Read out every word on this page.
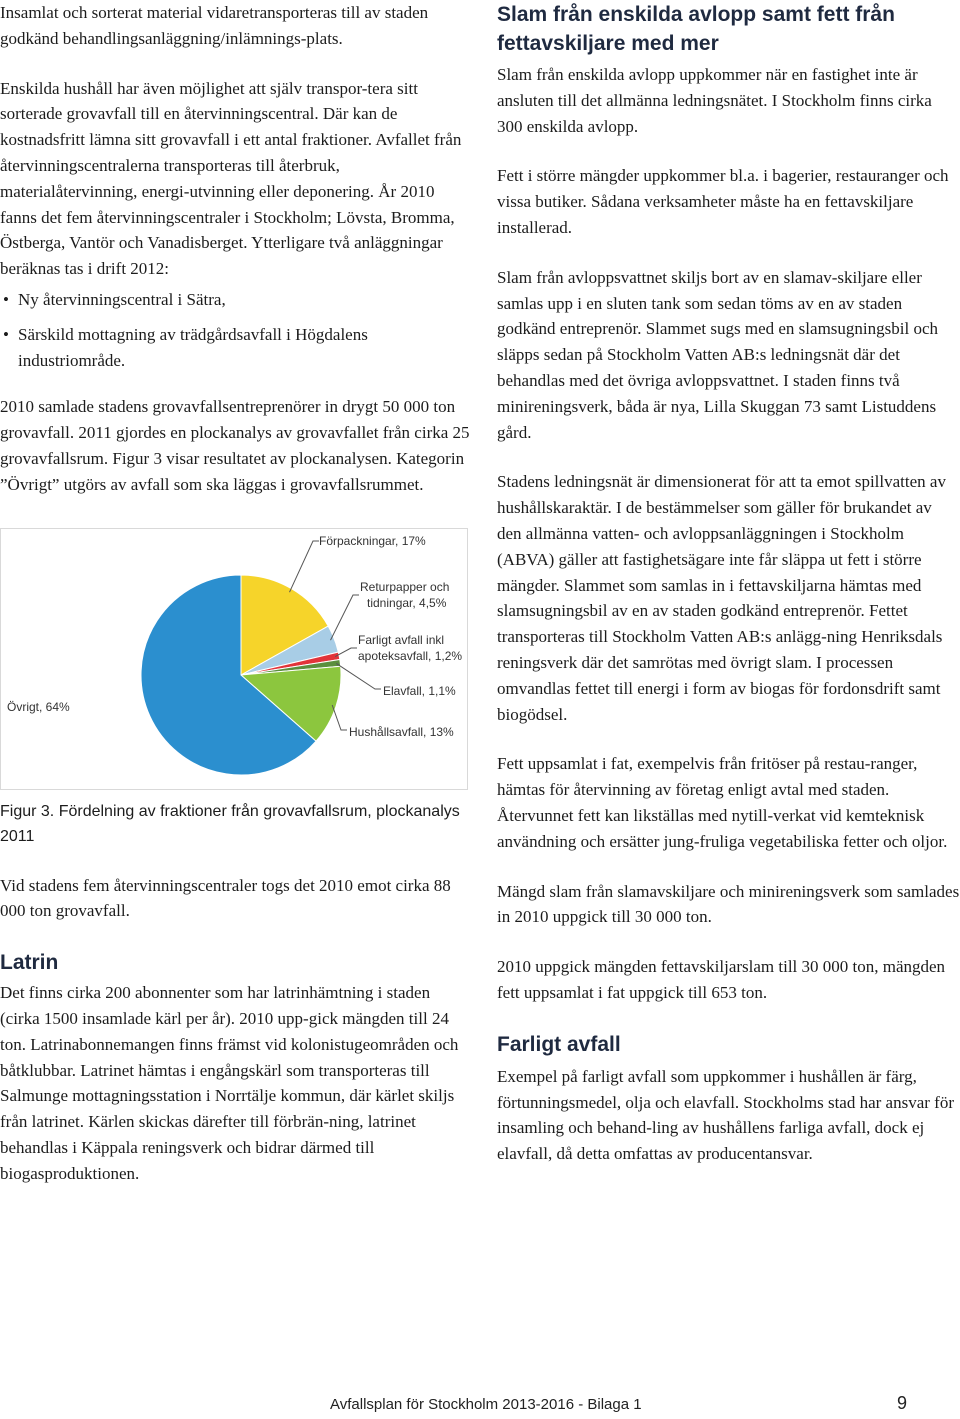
Insamlat och sorterat material vidaretransporteras till av staden godkänd behandlingsanläggning/inlämnings-plats.

Enskilda hushåll har även möjlighet att själv transpor-tera sitt sorterade grovavfall till en återvinningscentral. Där kan de kostnadsfritt lämna sitt grovavfall i ett antal fraktioner. Avfallet från återvinningscentralerna transporteras till återbruk, materialåtervinning, energi-utvinning eller deponering. År 2010 fanns det fem återvinningscentraler i Stockholm; Lövsta, Bromma, Östberga, Vantör och Vanadisberget. Ytterligare två anläggningar beräknas tas i drift 2012:

• Ny återvinningscentral i Sätra,
• Särskild mottagning av trädgårdsavfall i Högdalens industriområde.

2010 samlade stadens grovavfallsentreprenörer in drygt 50 000 ton grovavfall. 2011 gjordes en plockanalys av grovavfallet från cirka 25 grovavfallsrum. Figur 3 visar resultatet av plockanalysen. Kategorin ”Övrigt” utgörs av avfall som ska läggas i grovavfallsrummet.

Förpackningar, 17%
Returpapper och
tidningar, 4,5%
Farligt avfall inkl
apoteksavfall, 1,2%
Elavfall, 1,1%
Hushållsavfall, 13%
Övrigt, 64%
Figur 3. Fördelning av fraktioner från grovavfallsrum, plockanalys 2011

Vid stadens fem återvinningscentraler togs det 2010 emot cirka 88 000 ton grovavfall.

Latrin

Det finns cirka 200 abonnenter som har latrinhämtning i staden (cirka 1500 insamlade kärl per år). 2010 upp-gick mängden till 24 ton. Latrinabonnemangen finns främst vid kolonistugeområden och båtklubbar. Latrinet hämtas i engångskärl som transporteras till Salmunge mottagningsstation i Norrtälje kommun, där kärlet skiljs från latrinet. Kärlen skickas därefter till förbrän-ning, latrinet behandlas i Käppala reningsverk och bidrar därmed till biogasproduktionen.

Slam från enskilda avlopp samt fett från fettavskiljare med mer

Slam från enskilda avlopp uppkommer när en fastighet inte är ansluten till det allmänna ledningsnätet. I Stockholm finns cirka 300 enskilda avlopp.

Fett i större mängder uppkommer bl.a. i bagerier, restauranger och vissa butiker. Sådana verksamheter måste ha en fettavskiljare installerad.

Slam från avloppsvattnet skiljs bort av en slamav-skiljare eller samlas upp i en sluten tank som sedan töms av en av staden godkänd entreprenör. Slammet sugs med en slamsugningsbil och släpps sedan på Stockholm Vatten AB:s ledningsnät där det behandlas med det övriga avloppsvattnet. I staden finns två minireningsverk, båda är nya, Lilla Skuggan 73 samt Listuddens gård.

Stadens ledningsnät är dimensionerat för att ta emot spillvatten av hushållskaraktär. I de bestämmelser som gäller för brukandet av den allmänna vatten- och avloppsanläggningen i Stockholm (ABVA) gäller att fastighetsägare inte får släppa ut fett i större mängder. Slammet som samlas in i fettavskiljarna hämtas med slamsugningsbil av en av staden godkänd entreprenör. Fettet transporteras till Stockholm Vatten AB:s anlägg-ning Henriksdals reningsverk där det samrötas med övrigt slam. I processen omvandlas fettet till energi i form av biogas för fordonsdrift samt biogödsel.

Fett uppsamlat i fat, exempelvis från fritöser på restau-ranger, hämtas för återvinning av företag enligt avtal med staden. Återvunnet fett kan likställas med nytill-verkat vid kemteknisk användning och ersätter jung-fruliga vegetabiliska fetter och oljor.

Mängd slam från slamavskiljare och minireningsverk som samlades in 2010 uppgick till 30 000 ton.

2010 uppgick mängden fettavskiljarslam till 30 000 ton, mängden fett uppsamlat i fat uppgick till 653 ton.

Farligt avfall

Exempel på farligt avfall som uppkommer i hushållen är färg, förtunningsmedel, olja och elavfall. Stockholms stad har ansvar för insamling och behand-ling av hushållens farliga avfall, dock ej elavfall, då detta omfattas av producentansvar.

Avfallsplan för Stockholm 2013-2016 - Bilaga 1	9
